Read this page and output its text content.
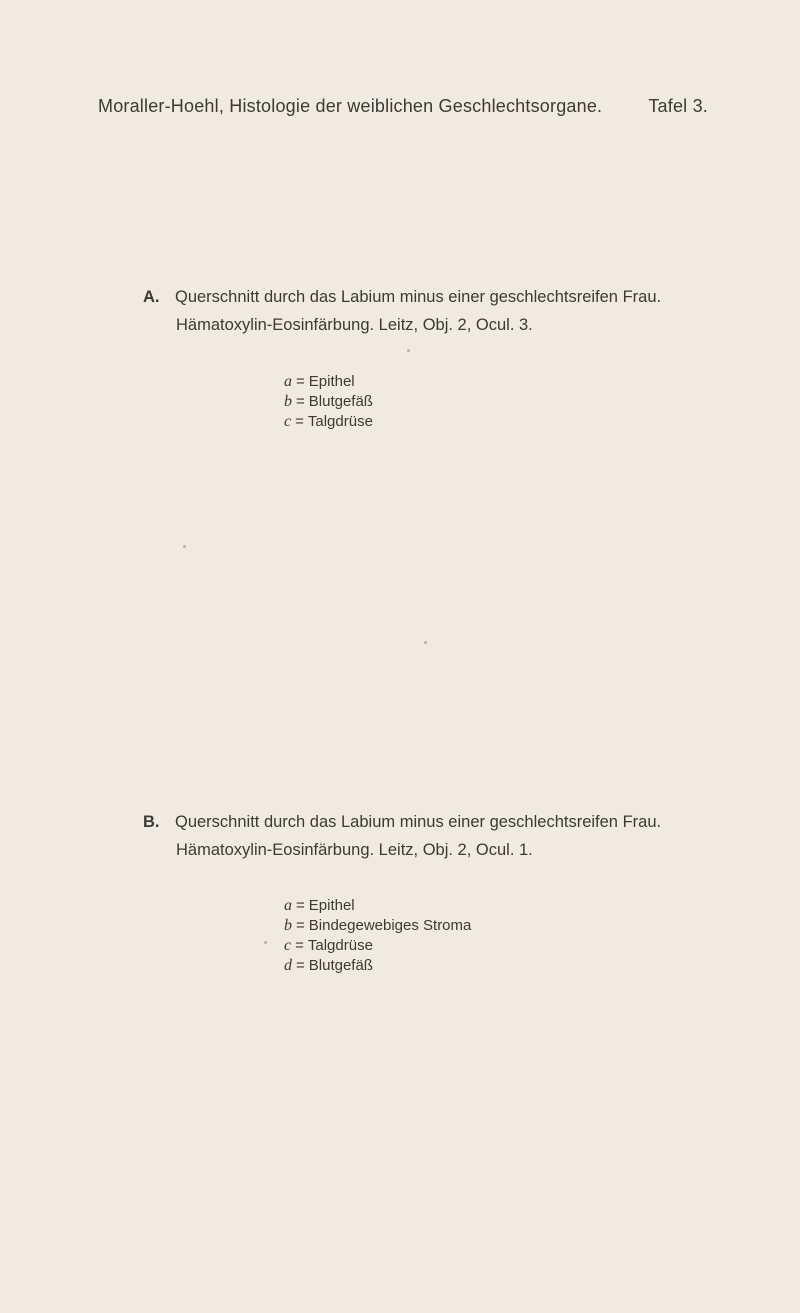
Moraller-Hoehl, Histologie der weiblichen Geschlechtsorgane.	Tafel 3.
A. Querschnitt durch das Labium minus einer geschlechtsreifen Frau.
Hämatoxylin-Eosinfärbung. Leitz, Obj. 2, Ocul. 3.
a = Epithel
b = Blutgefäß
c = Talgdrüse
B. Querschnitt durch das Labium minus einer geschlechtsreifen Frau.
Hämatoxylin-Eosinfärbung. Leitz, Obj. 2, Ocul. 1.
a = Epithel
b = Bindegewebiges Stroma
c = Talgdrüse
d = Blutgefäß
